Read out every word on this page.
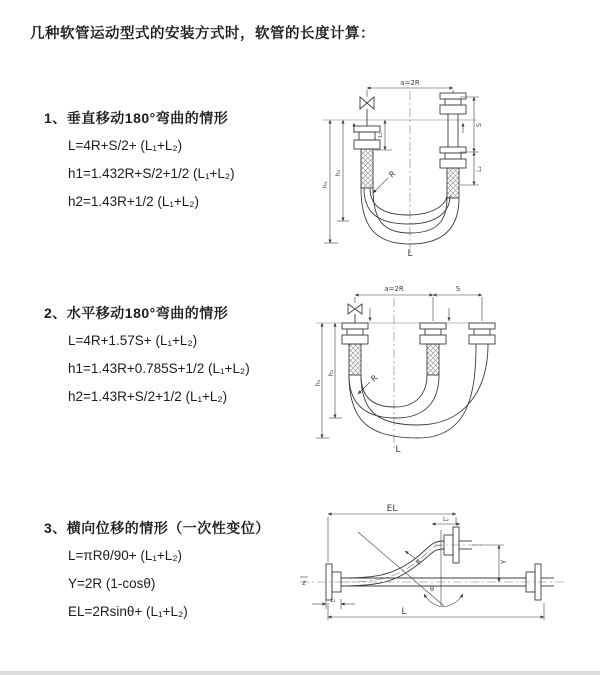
几种软管运动型式的安装方式时，软管的长度计算：
1、垂直移动180°弯曲的情形
L=4R+S/2+ (L₁+L₂)
h1=1.432R+S/2+1/2 (L₁+L₂)
h2=1.43R+1/2 (L₁+L₂)
2、水平移动180°弯曲的情形
L=4R+1.57S+ (L₁+L₂)
h1=1.43R+0.785S+1/2 (L₁+L₂)
h2=1.43R+S/2+1/2 (L₁+L₂)
3、横向位移的情形（一次性变位）
L=πRθ/90+ (L₁+L₂)
Y=2R (1-cosθ)
EL=2Rsinθ+ (L₁+L₂)
a=2R
S
L₂
h₁
h₂
L₁
R
L
a=2R	S
h₁
h₂
R
L
EL
L₂
Y
R
θ
L
L₁
z
